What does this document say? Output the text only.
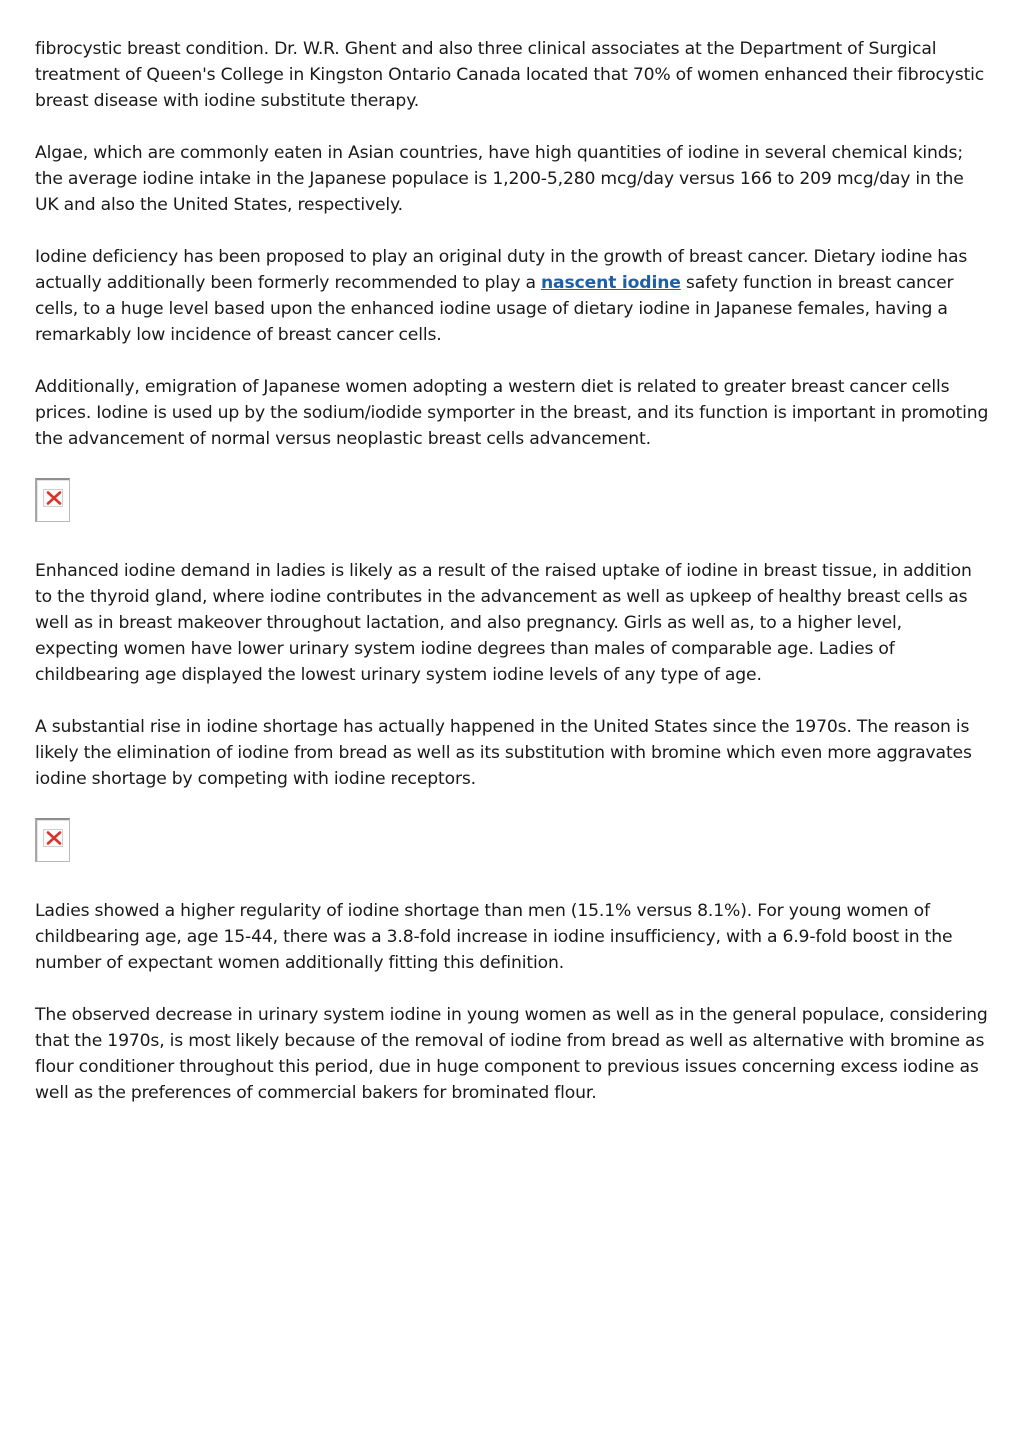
fibrocystic breast condition. Dr. W.R. Ghent and also three clinical associates at the Department of Surgical treatment of Queen's College in Kingston Ontario Canada located that 70% of women enhanced their fibrocystic breast disease with iodine substitute therapy.

Algae, which are commonly eaten in Asian countries, have high quantities of iodine in several chemical kinds; the average iodine intake in the Japanese populace is 1,200-5,280 mcg/day versus 166 to 209 mcg/day in the UK and also the United States, respectively.

Iodine deficiency has been proposed to play an original duty in the growth of breast cancer. Dietary iodine has actually additionally been formerly recommended to play a nascent iodine safety function in breast cancer cells, to a huge level based upon the enhanced iodine usage of dietary iodine in Japanese females, having a remarkably low incidence of breast cancer cells.

Additionally, emigration of Japanese women adopting a western diet is related to greater breast cancer cells prices. Iodine is used up by the sodium/iodide symporter in the breast, and its function is important in promoting the advancement of normal versus neoplastic breast cells advancement.

Enhanced iodine demand in ladies is likely as a result of the raised uptake of iodine in breast tissue, in addition to the thyroid gland, where iodine contributes in the advancement as well as upkeep of healthy breast cells as well as in breast makeover throughout lactation, and also pregnancy. Girls as well as, to a higher level, expecting women have lower urinary system iodine degrees than males of comparable age. Ladies of childbearing age displayed the lowest urinary system iodine levels of any type of age.

A substantial rise in iodine shortage has actually happened in the United States since the 1970s. The reason is likely the elimination of iodine from bread as well as its substitution with bromine which even more aggravates iodine shortage by competing with iodine receptors.

Ladies showed a higher regularity of iodine shortage than men (15.1% versus 8.1%). For young women of childbearing age, age 15-44, there was a 3.8-fold increase in iodine insufficiency, with a 6.9-fold boost in the number of expectant women additionally fitting this definition.

The observed decrease in urinary system iodine in young women as well as in the general populace, considering that the 1970s, is most likely because of the removal of iodine from bread as well as alternative with bromine as flour conditioner throughout this period, due in huge component to previous issues concerning excess iodine as well as the preferences of commercial bakers for brominated flour.
